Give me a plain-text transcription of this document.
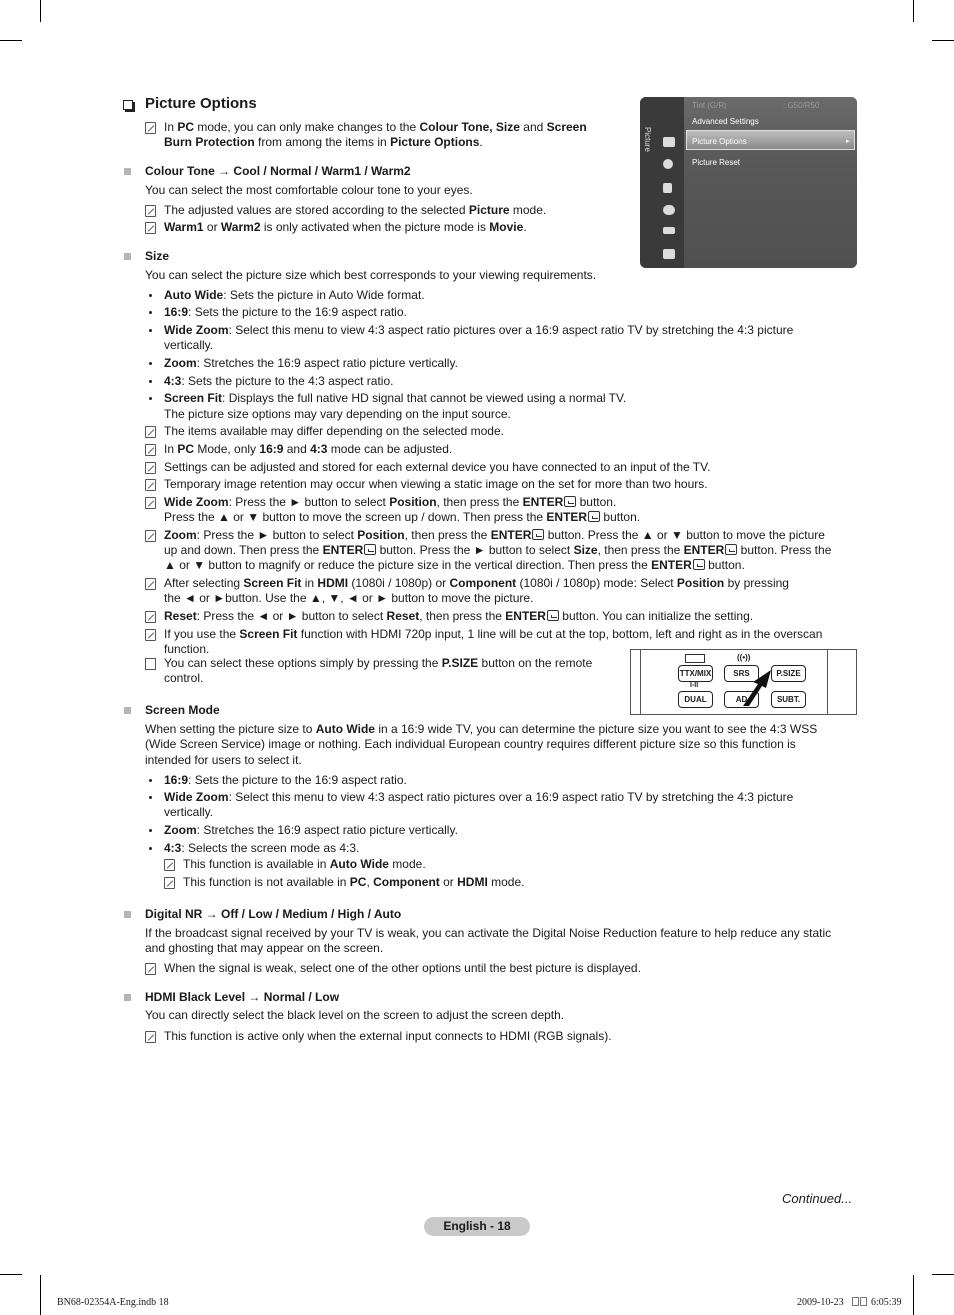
Picture Options
In PC mode, you can only make changes to the Colour Tone, Size and Screen
Burn Protection from among the items in Picture Options.	Picture
Tint (G/R)	: G50/R50
Advanced Settings
Picture Options	▸
Picture Reset
Colour Tone → Cool / Normal / Warm1 / Warm2
You can select the most comfortable colour tone to your eyes.
The adjusted values are stored according to the selected Picture mode.
Warm1 or Warm2 is only activated when the picture mode is Movie.
Size
You can select the picture size which best corresponds to your viewing requirements.
Auto Wide: Sets the picture in Auto Wide format.
16:9: Sets the picture to the 16:9 aspect ratio.
Wide Zoom: Select this menu to view 4:3 aspect ratio pictures over a 16:9 aspect ratio TV by stretching the 4:3 picture
vertically.
Zoom: Stretches the 16:9 aspect ratio picture vertically.
4:3: Sets the picture to the 4:3 aspect ratio.
Screen Fit: Displays the full native HD signal that cannot be viewed using a normal TV.
The picture size options may vary depending on the input source.
The items available may differ depending on the selected mode.
In PC Mode, only 16:9 and 4:3 mode can be adjusted.
Settings can be adjusted and stored for each external device you have connected to an input of the TV.
Temporary image retention may occur when viewing a static image on the set for more than two hours.
Wide Zoom: Press the ► button to select Position, then press the ENTER button.
Press the ▲ or ▼ button to move the screen up / down. Then press the ENTER button.
Zoom: Press the ► button to select Position, then press the ENTER button. Press the ▲ or ▼ button to move the picture
up and down. Then press the ENTER button. Press the ► button to select Size, then press the ENTER button. Press the
▲ or ▼ button to magnify or reduce the picture size in the vertical direction. Then press the ENTER button.
After selecting Screen Fit in HDMI (1080i / 1080p) or Component (1080i / 1080p) mode: Select Position by pressing
the ◄ or ►button. Use the ▲, ▼, ◄ or ► button to move the picture.
Reset: Press the ◄ or ► button to select Reset, then press the ENTER button. You can initialize the setting.
If you use the Screen Fit function with HDMI 720p input, 1 line will be cut at the top, bottom, left and right as in the overscan
function.
You can select these options simply by pressing the P.SIZE button on the remote
control.
((•))
TTX/MIX	SRS	P.SIZE
I-II
DUAL	AD	SUBT.
Screen Mode
When setting the picture size to Auto Wide in a 16:9 wide TV, you can determine the picture size you want to see the 4:3 WSS
(Wide Screen Service) image or nothing. Each individual European country requires different picture size so this function is
intended for users to select it.
16:9: Sets the picture to the 16:9 aspect ratio.
Wide Zoom: Select this menu to view 4:3 aspect ratio pictures over a 16:9 aspect ratio TV by stretching the 4:3 picture
vertically.
Zoom: Stretches the 16:9 aspect ratio picture vertically.
4:3: Selects the screen mode as 4:3.
This function is available in Auto Wide mode.
This function is not available in PC, Component or HDMI mode.
Digital NR → Off / Low / Medium / High / Auto
If the broadcast signal received by your TV is weak, you can activate the Digital Noise Reduction feature to help reduce any static
and ghosting that may appear on the screen.
When the signal is weak, select one of the other options until the best picture is displayed.
HDMI Black Level → Normal / Low
You can directly select the black level on the screen to adjust the screen depth.
This function is active only when the external input connects to HDMI (RGB signals).
Continued...
English - 18
BN68-02354A-Eng.indb 18	2009-10-23	6:05:39
